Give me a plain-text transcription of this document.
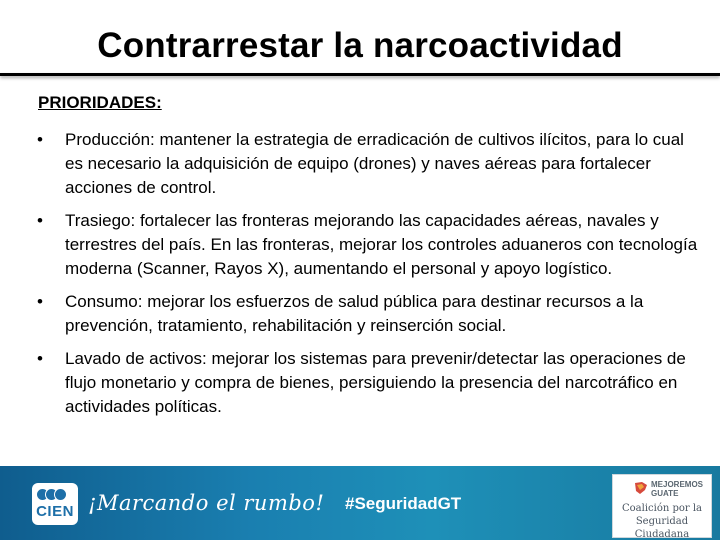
Contrarrestar la narcoactividad
PRIORIDADES:
• Producción: mantener la estrategia de erradicación de cultivos ilícitos, para lo cual es necesario la adquisición de equipo (drones) y naves aéreas para fortalecer acciones de control.
• Trasiego: fortalecer las fronteras mejorando las capacidades aéreas, navales y terrestres del país. En las fronteras, mejorar los controles aduaneros con tecnología moderna (Scanner, Rayos X), aumentando el personal y apoyo logístico.
• Consumo: mejorar los esfuerzos de salud pública para destinar recursos a la prevención, tratamiento, rehabilitación y reinserción social.
• Lavado de activos: mejorar los sistemas para prevenir/detectar las operaciones de flujo monetario y compra de bienes, persiguiendo la presencia del narcotráfico en actividades políticas.
CIEN ¡Marcando el rumbo! #SeguridadGT
MEJOREMOS
GUATE
Coalición por la
Seguridad Ciudadana
